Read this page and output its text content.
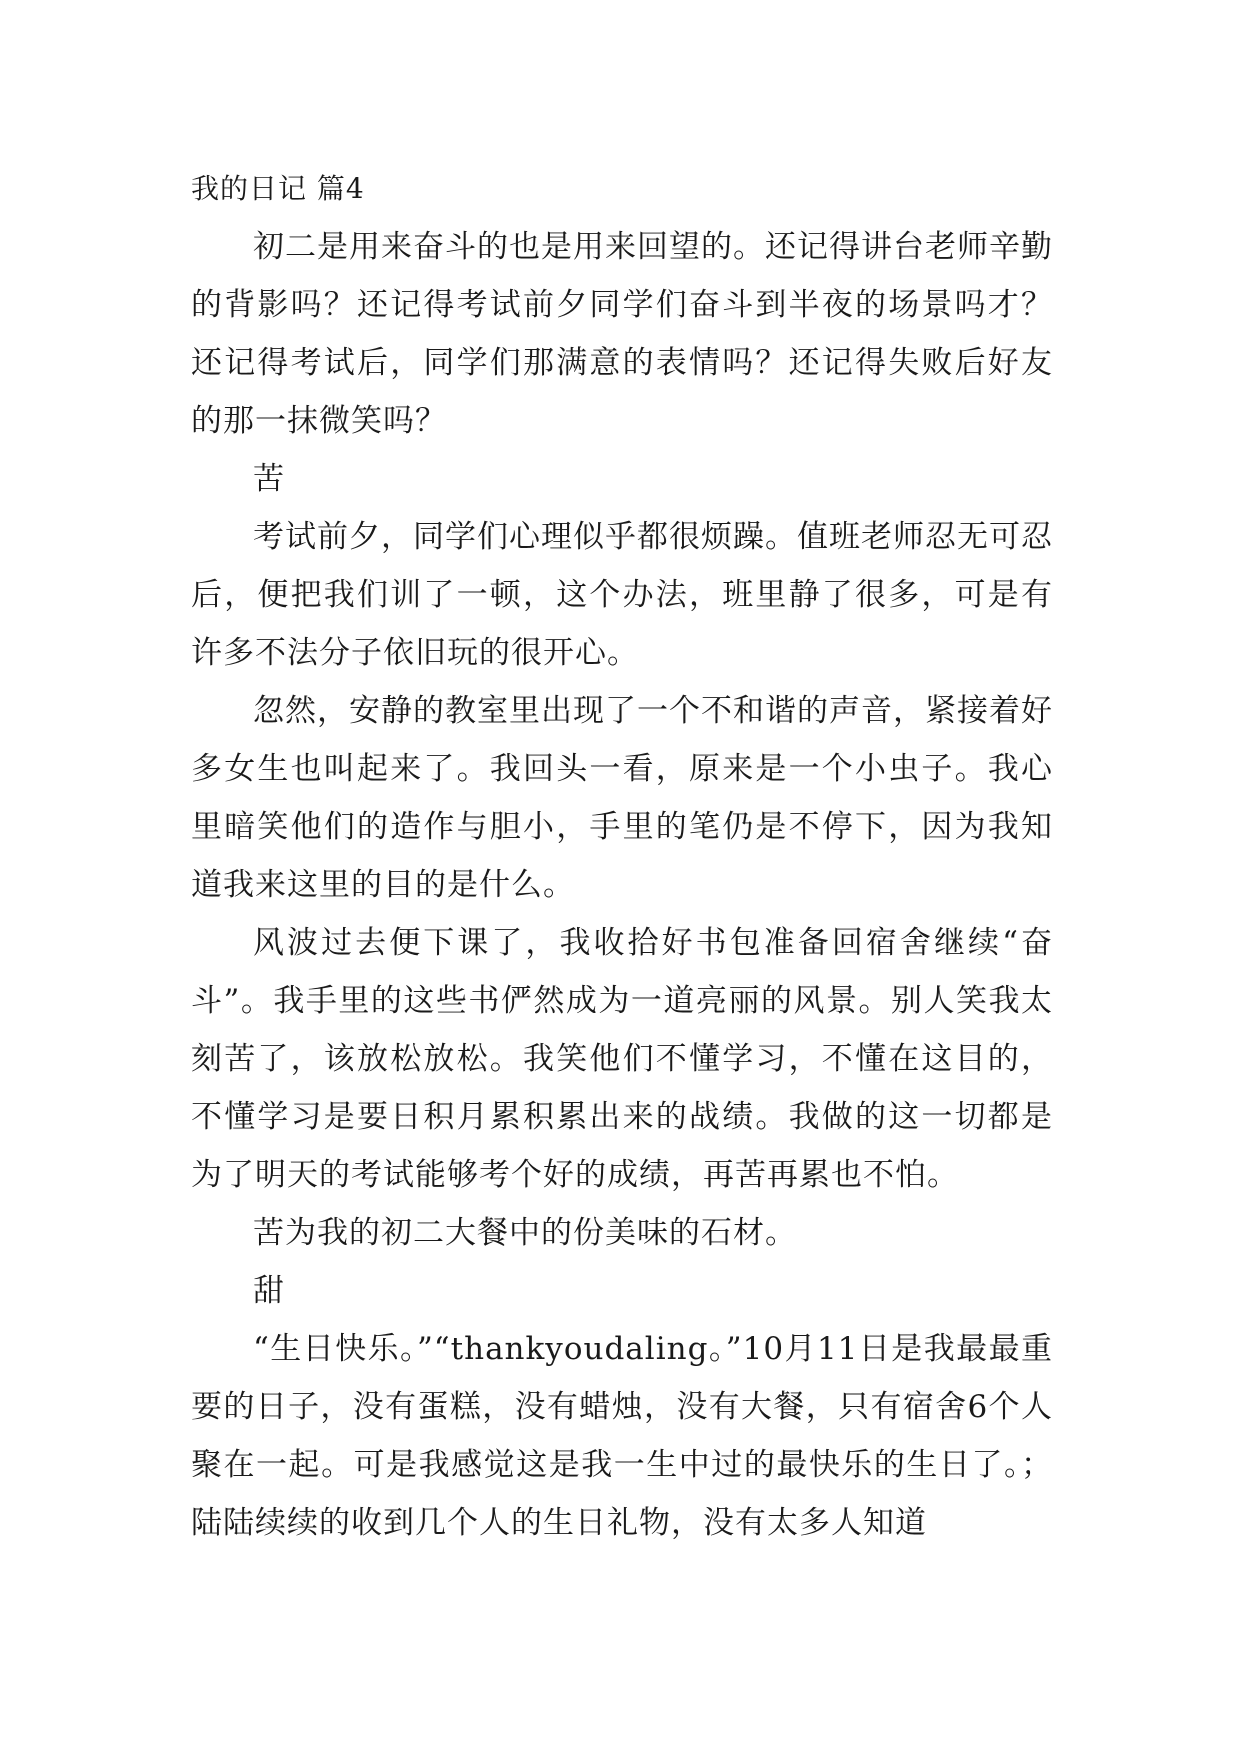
我的日记 篇4

初二是用来奋斗的也是用来回望的。还记得讲台老师辛勤的背影吗？还记得考试前夕同学们奋斗到半夜的场景吗才？还记得考试后，同学们那满意的表情吗？还记得失败后好友的那一抹微笑吗？

苦

考试前夕，同学们心理似乎都很烦躁。值班老师忍无可忍后，便把我们训了一顿，这个办法，班里静了很多，可是有许多不法分子依旧玩的很开心。

忽然，安静的教室里出现了一个不和谐的声音，紧接着好多女生也叫起来了。我回头一看，原来是一个小虫子。我心里暗笑他们的造作与胆小，手里的笔仍是不停下，因为我知道我来这里的目的是什么。

风波过去便下课了，我收拾好书包准备回宿舍继续“奋斗”。我手里的这些书俨然成为一道亮丽的风景。别人笑我太刻苦了，该放松放松。我笑他们不懂学习，不懂在这目的，不懂学习是要日积月累积累出来的战绩。我做的这一切都是为了明天的考试能够考个好的成绩，再苦再累也不怕。

苦为我的初二大餐中的份美味的石材。

甜

“生日快乐。”“thankyoudaling。”10月11日是我最最重要的日子，没有蛋糕，没有蜡烛，没有大餐，只有宿舍6个人聚在一起。可是我感觉这是我一生中过的最快乐的生日了。；陆陆续续的收到几个人的生日礼物，没有太多人知道
